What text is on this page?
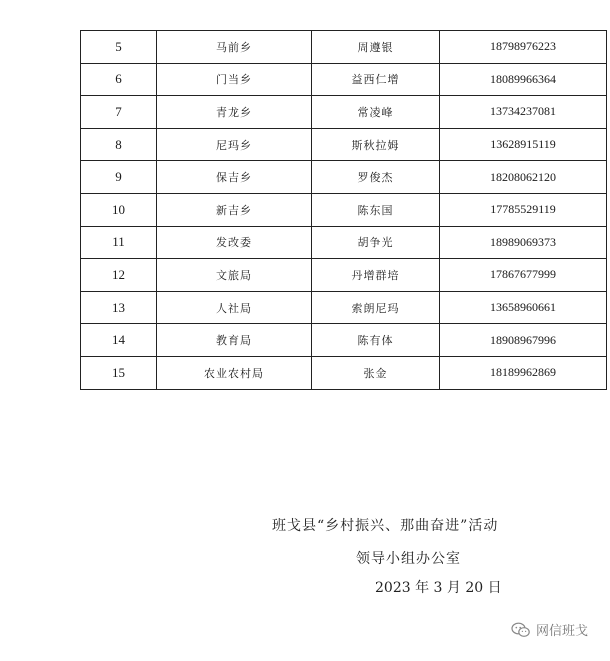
5	马前乡	周遵银	18798976223
6	门当乡	益西仁增	18089966364
7	青龙乡	常凌峰	13734237081
8	尼玛乡	斯秋拉姆	13628915119
9	保吉乡	罗俊杰	18208062120
10	新吉乡	陈东国	17785529119
11	发改委	胡争光	18989069373
12	文旅局	丹增群培	17867677999
13	人社局	索朗尼玛	13658960661
14	教育局	陈有体	18908967996
15	农业农村局	张金	18189962869
班戈县“乡村振兴、那曲奋进”活动
领导小组办公室
2023 年 3 月 20 日
网信班戈
